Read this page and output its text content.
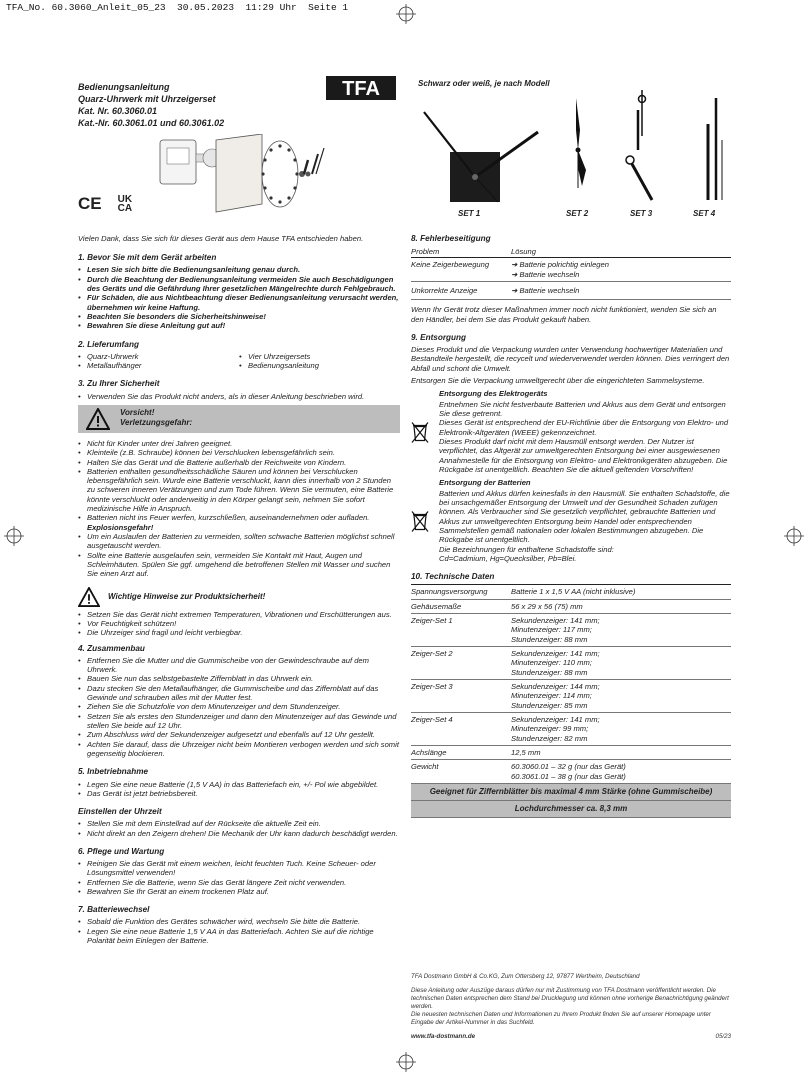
TFA_No. 60.3060_Anleit_05_23  30.05.2023  11:29 Uhr  Seite 1
Bedienungsanleitung
Quarz-Uhrwerk mit Uhrzeigerset
Kat. Nr. 60.3060.01
Kat.-Nr. 60.3061.01 und 60.3061.02
TFA
CE UK
CA
Schwarz oder weiß, je nach Modell
SET 1	SET 2	SET 3	SET 4

Vielen Dank, dass Sie sich für dieses Gerät aus dem Hause TFA entschieden haben.

1. Bevor Sie mit dem Gerät arbeiten
• Lesen Sie sich bitte die Bedienungsanleitung genau durch.
• Durch die Beachtung der Bedienungsanleitung vermeiden Sie auch Beschädigungen des Geräts und die Gefährdung Ihrer gesetzlichen Mängelrechte durch Fehlgebrauch.
• Für Schäden, die aus Nichtbeachtung dieser Bedienungsanleitung verursacht werden, übernehmen wir keine Haftung.
• Beachten Sie besonders die Sicherheitshinweise!
• Bewahren Sie diese Anleitung gut auf!
2. Lieferumfang
• Quarz-Uhrwerk
• Metallaufhänger
• Vier Uhrzeigersets
• Bedienungsanleitung
3. Zu Ihrer Sicherheit
• Verwenden Sie das Produkt nicht anders, als in dieser Anleitung beschrieben wird.
Vorsicht!
Verletzungsgefahr:
• Nicht für Kinder unter drei Jahren geeignet.
• Kleinteile (z.B. Schraube) können bei Verschlucken lebensgefährlich sein.
• Halten Sie das Gerät und die Batterie außerhalb der Reichweite von Kindern.
• Batterien enthalten gesundheitsschädliche Säuren und können bei Verschlucken lebensgefährlich sein. Wurde eine Batterie verschluckt, kann dies innerhalb von 2 Stunden zu schweren inneren Verätzungen und zum Tode führen. Wenn Sie vermuten, eine Batterie könnte verschluckt oder anderweitig in den Körper gelangt sein, nehmen Sie sofort medizinische Hilfe in Anspruch.
• Batterien nicht ins Feuer werfen, kurzschließen, auseinandernehmen oder aufladen. Explosionsgefahr!
• Um ein Auslaufen der Batterien zu vermeiden, sollten schwache Batterien möglichst schnell ausgetauscht werden.
• Sollte eine Batterie ausgelaufen sein, vermeiden Sie Kontakt mit Haut, Augen und Schleimhäuten. Spülen Sie ggf. umgehend die betroffenen Stellen mit Wasser und suchen Sie einen Arzt auf.
Wichtige Hinweise zur Produktsicherheit!
• Setzen Sie das Gerät nicht extremen Temperaturen, Vibrationen und Erschütterungen aus.
• Vor Feuchtigkeit schützen!
• Die Uhrzeiger sind fragil und leicht verbiegbar.
4. Zusammenbau
• Entfernen Sie die Mutter und die Gummischeibe von der Gewindeschraube auf dem Uhrwerk.
• Bauen Sie nun das selbstgebastelte Ziffernblatt in das Uhrwerk ein.
• Dazu stecken Sie den Metallaufhänger, die Gummischeibe und das Ziffernblatt auf das Gewinde und schrauben alles mit der Mutter fest.
• Ziehen Sie die Schutzfolie von dem Minutenzeiger und dem Stundenzeiger.
• Setzen Sie als erstes den Stundenzeiger und dann den Minutenzeiger auf das Gewinde und stellen Sie beide auf 12 Uhr.
• Zum Abschluss wird der Sekundenzeiger aufgesetzt und ebenfalls auf 12 Uhr gestellt.
• Achten Sie darauf, dass die Uhrzeiger nicht beim Montieren verbogen werden und sich somit gegenseitig blockieren.
5. Inbetriebnahme
• Legen Sie eine neue Batterie (1,5 V AA) in das Batteriefach ein, +/- Pol wie abgebildet.
• Das Gerät ist jetzt betriebsbereit.
Einstellen der Uhrzeit
• Stellen Sie mit dem Einstellrad auf der Rückseite die aktuelle Zeit ein.
• Nicht direkt an den Zeigern drehen! Die Mechanik der Uhr kann dadurch beschädigt werden.
6. Pflege und Wartung
• Reinigen Sie das Gerät mit einem weichen, leicht feuchten Tuch. Keine Scheuer- oder Lösungsmittel verwenden!
• Entfernen Sie die Batterie, wenn Sie das Gerät längere Zeit nicht verwenden.
• Bewahren Sie Ihr Gerät an einem trockenen Platz auf.
7. Batteriewechsel
• Sobald die Funktion des Gerätes schwächer wird, wechseln Sie bitte die Batterie.
• Legen Sie eine neue Batterie 1,5 V AA in das Batteriefach. Achten Sie auf die richtige Polarität beim Einlegen der Batterie.
8. Fehlerbeseitigung
Problem	Lösung
Keine Zeigerbewegung	➜ Batterie polrichtig einlegen
➜ Batterie wechseln

Unkorrekte Anzeige	➜ Batterie wechseln

Wenn Ihr Gerät trotz dieser Maßnahmen immer noch nicht funktioniert, wenden Sie sich an den Händler, bei dem Sie das Produkt gekauft haben.

9. Entsorgung

Dieses Produkt und die Verpackung wurden unter Verwendung hochwertiger Materialien und Bestandteile hergestellt, die recycelt und wiederverwendet werden können. Dies verringert den Abfall und schont die Umwelt.

Entsorgen Sie die Verpackung umweltgerecht über die eingerichteten Sammelsysteme.

Entsorgung des Elektrogeräts
Entnehmen Sie nicht festverbaute Batterien und Akkus aus dem Gerät und entsorgen Sie diese getrennt.
Dieses Gerät ist entsprechend der EU-Richtlinie über die Entsorgung von Elektro- und Elektronik-Altgeräten (WEEE) gekennzeichnet.
Dieses Produkt darf nicht mit dem Hausmüll entsorgt werden. Der Nutzer ist verpflichtet, das Altgerät zur umweltgerechten Entsorgung bei einer ausgewiesenen Annahmestelle für die Entsorgung von Elektro- und Elektronikgeräten abzugeben. Die Rückgabe ist unentgeltlich. Beachten Sie die aktuell geltenden Vorschriften!
Entsorgung der Batterien
Batterien und Akkus dürfen keinesfalls in den Hausmüll. Sie enthalten Schadstoffe, die bei unsachgemäßer Entsorgung der Umwelt und der Gesundheit Schaden zufügen können. Als Verbraucher sind Sie gesetzlich verpflichtet, gebrauchte Batterien und Akkus zur umweltgerechten Entsorgung beim Handel oder entsprechenden Sammelstellen gemäß nationalen oder lokalen Bestimmungen abzugeben. Die Rückgabe ist unentgeltlich.
Die Bezeichnungen für enthaltene Schadstoffe sind:
Cd=Cadmium, Hg=Quecksilber, Pb=Blei.
10. Technische Daten
Spannungsversorgung	Batterie 1 x 1,5 V AA (nicht inklusive)

Gehäusemaße	56 x 29 x 56 (75) mm

Zeiger-Set 1	Sekundenzeiger: 141 mm;
Minutenzeiger: 117 mm;
Stundenzeiger: 88 mm

Zeiger-Set 2	Sekundenzeiger: 141 mm;
Minutenzeiger: 110 mm;
Stundenzeiger: 88 mm

Zeiger-Set 3	Sekundenzeiger: 144 mm;
Minutenzeiger: 114 mm;
Stundenzeiger: 85 mm

Zeiger-Set 4	Sekundenzeiger: 141 mm;
Minutenzeiger: 99 mm;
Stundenzeiger: 82 mm

Achslänge	12,5 mm

Gewicht	60.3060.01 – 32 g (nur das Gerät)
60.3061.01 – 38 g (nur das Gerät)
Geeignet für Ziffernblätter bis maximal 4 mm Stärke (ohne Gummischeibe)
Lochdurchmesser ca. 8,3 mm
TFA Dostmann GmbH & Co.KG, Zum Ottersberg 12, 97877 Wertheim, Deutschland
Diese Anleitung oder Auszüge daraus dürfen nur mit Zustimmung von TFA Dostmann veröffentlicht werden. Die technischen Daten entsprechen dem Stand bei Drucklegung und können ohne vorherige Benachrichtigung geändert werden.
Die neuesten technischen Daten und Informationen zu Ihrem Produkt finden Sie auf unserer Homepage unter Eingabe der Artikel-Nummer in das Suchfeld.
www.tfa-dostmann.de	05/23
